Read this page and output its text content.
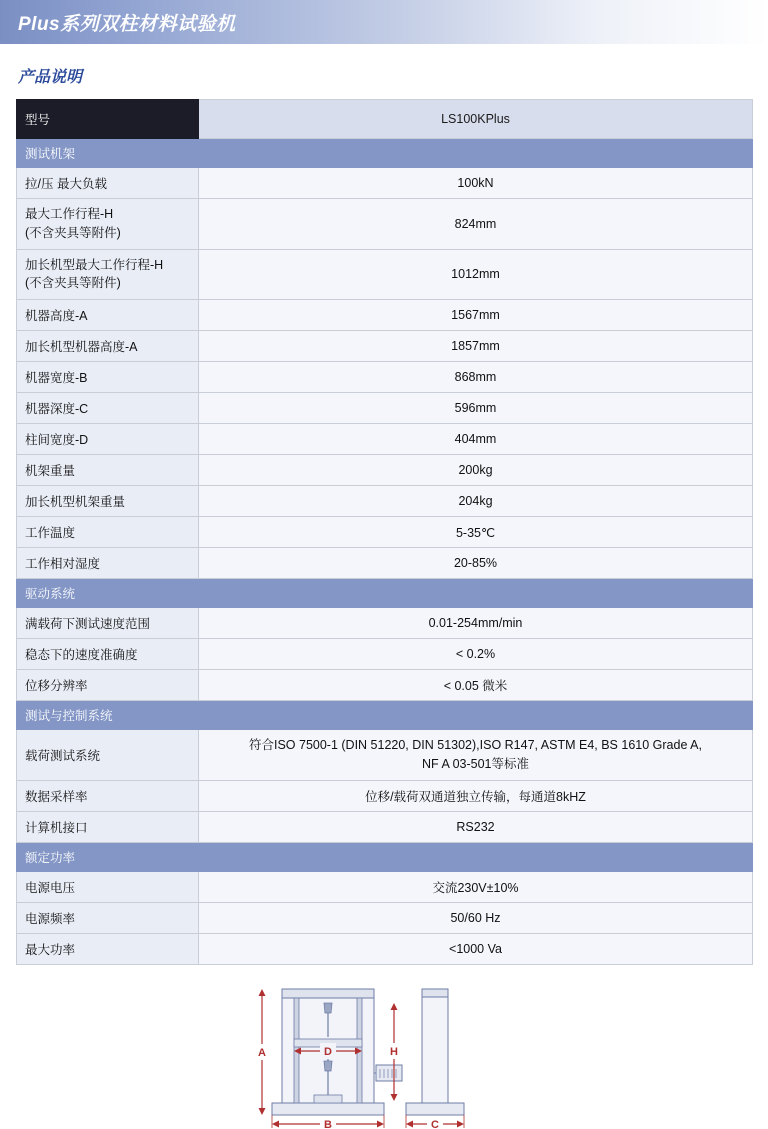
Plus系列双柱材料试验机
产品说明
型号	LS100KPlus
测试机架	
拉/压 最大负载	100kN

最大工作行程-H
(不含夹具等附件)	824mm

加长机型最大工作行程-H
(不含夹具等附件)	1012mm
机器高度-A	1567mm
加长机型机器高度-A	1857mm
机器宽度-B	868mm
机器深度-C	596mm
柱间宽度-D	404mm
机架重量	200kg
加长机型机架重量	204kg
工作温度	5-35℃
工作相对湿度	20-85%
驱动系统	
满载荷下测试速度范围	0.01-254mm/min
稳态下的速度准确度	< 0.2%
位移分辨率	< 0.05 微米
测试与控制系统	
载荷测试系统	符合ISO 7500-1 (DIN 51220, DIN 51302),ISO R147, ASTM E4, BS 1610 Grade A,
NF A 03-501等标准

数据采样率	位移/载荷双通道独立传输，每通道8kHZ
计算机接口	RS232
额定功率	
电源电压	交流230V±10%
电源频率	50/60 Hz
最大功率	<1000 Va
A	D	H
B	C
